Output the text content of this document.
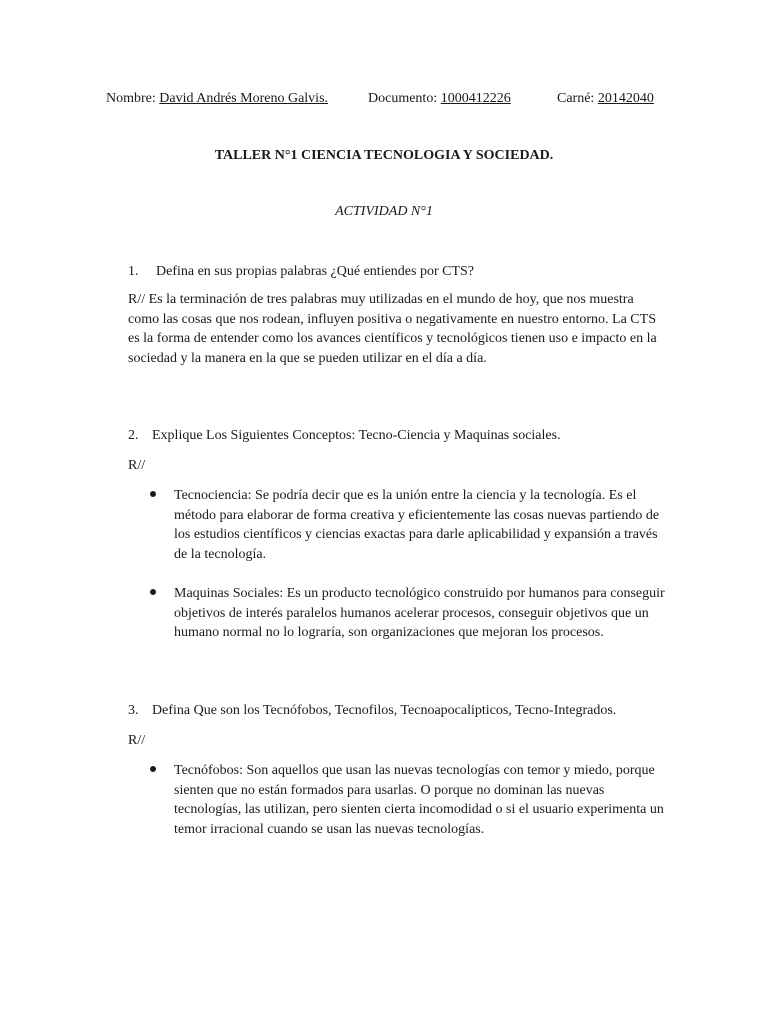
Nombre: David Andrés Moreno Galvis.	Documento: 1000412226	Carné: 20142040
TALLER N°1 CIENCIA TECNOLOGIA Y SOCIEDAD.
ACTIVIDAD N°1
1. Defina en sus propias palabras ¿Qué entiendes por CTS?

R// Es la terminación de tres palabras muy utilizadas en el mundo de hoy, que nos muestra como las cosas que nos rodean, influyen positiva o negativamente en nuestro entorno. La CTS es la forma de entender como los avances científicos y tecnológicos tienen uso e impacto en la sociedad y la manera en la que se pueden utilizar en el día a día.

2. Explique Los Siguientes Conceptos: Tecno-Ciencia y Maquinas sociales.
R//
Tecnociencia: Se podría decir que es la unión entre la ciencia y la tecnología. Es el método para elaborar de forma creativa y eficientemente las cosas nuevas partiendo de los estudios científicos y ciencias exactas para darle aplicabilidad y expansión a través de la tecnología.
Maquinas Sociales: Es un producto tecnológico construido por humanos para conseguir objetivos de interés paralelos humanos acelerar procesos, conseguir objetivos que un humano normal no lo lograría, son organizaciones que mejoran los procesos.
3. Defina Que son los Tecnófobos, Tecnofilos, Tecnoapocalipticos, Tecno-Integrados.
R//
Tecnófobos: Son aquellos que usan las nuevas tecnologías con temor y miedo, porque sienten que no están formados para usarlas. O porque no dominan las nuevas tecnologías, las utilizan, pero sienten cierta incomodidad o si el usuario experimenta un temor irracional cuando se usan las nuevas tecnologías.
